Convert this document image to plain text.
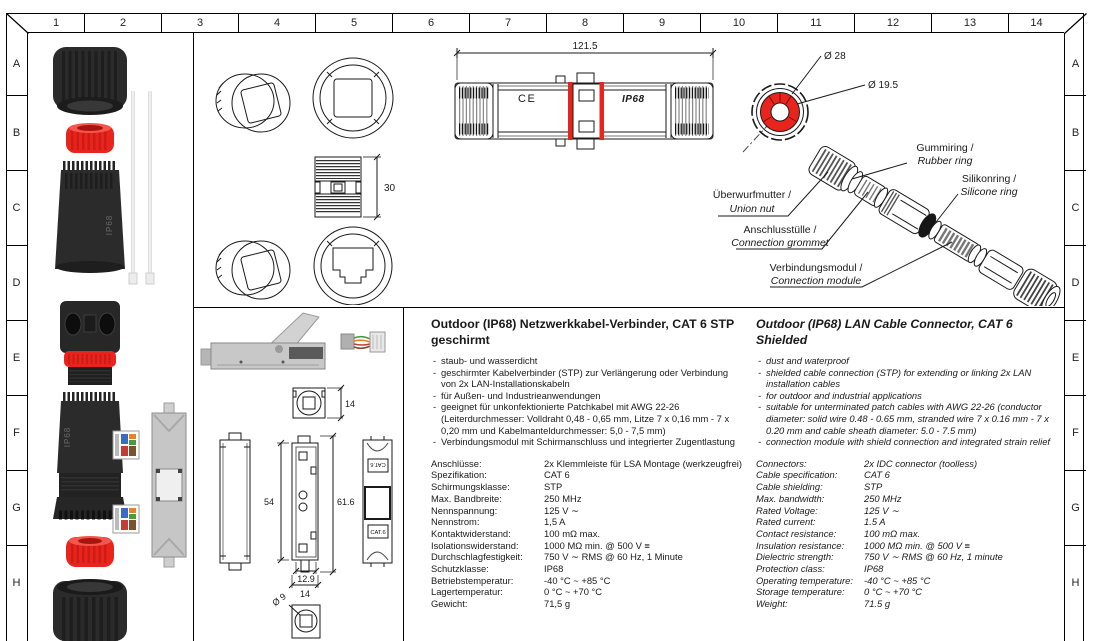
1	2	3	4	5	6	7	8	9	10	11	12	13	14
A
B
C
D
E
F
G
H
A
B
C
D
E
F
G
H
IP68
IP68
30
121.5
CE	IP68
Ø 28
Ø 19.5
Gummiring /
Rubber ring
Silikonring /
Silicone ring
Überwurfmutter /
Union nut
Anschlusstülle /
Connection grommet
Verbindungsmodul /
Connection module
14
54	61.6
12.9
14
Ø 9
CAT.6
CAT.6
Outdoor (IP68) Netzwerkkabel-Verbinder, CAT 6 STP
geschirmt
- staub- und wasserdicht
- geschirmter Kabelverbinder (STP) zur Verlängerung oder Verbindung von 2x LAN-Installationskabeln
- für Außen- und Industrieanwendungen
- geeignet für unkonfektionierte Patchkabel mit AWG 22-26 (Leiterdurchmesser: Volldraht 0,48 - 0,65 mm, Litze 7 x 0,16 mm - 7 x 0,20 mm und Kabelmanteldurchmesser: 5,0 - 7,5 mm)
- Verbindungsmodul mit Schirmanschluss und integrierter Zugentlastung
Anschlüsse:	2x Klemmleiste für LSA Montage (werkzeugfrei)
Spezifikation:	CAT 6
Schirmungsklasse:	STP
Max. Bandbreite:	250 MHz
Nennspannung:	125 V ∼
Nennstrom:	1,5 A
Kontaktwiderstand:	100 mΩ max.
Isolationswiderstand:	1000 MΩ min. @ 500 V ≡
Durchschlagfestigkeit:	750 V ∼ RMS @ 60 Hz, 1 Minute
Schutzklasse:	IP68
Betriebstemperatur:	-40 °C ~ +85 °C
Lagertemperatur:	0 °C ~ +70 °C
Gewicht:	71,5 g
Outdoor (IP68) LAN Cable Connector, CAT 6
Shielded
- dust and waterproof
- shielded cable connection (STP) for extending or linking 2x LAN installation cables
- for outdoor and industrial applications
- suitable for unterminated patch cables with AWG 22-26 (conductor diameter: solid wire 0.48 - 0.65 mm, stranded wire 7 x 0.16 mm - 7 x 0.20 mm and cable sheath diameter: 5.0 - 7.5 mm)
- connection module with shield connection and integrated strain relief
Connectors:	2x IDC connector (toolless)
Cable specification:	CAT 6
Cable shielding:	STP
Max. bandwidth:	250 MHz
Rated Voltage:	125 V ∼
Rated current:	1.5 A
Contact resistance:	100 mΩ max.
Insulation resistance:	1000 MΩ min. @ 500 V ≡
Dielectric strength:	750 V ∼ RMS @ 60 Hz, 1 minute
Protection class:	IP68
Operating temperature:	-40 °C ~ +85 °C
Storage temperature:	0 °C ~ +70 °C
Weight:	71.5 g
